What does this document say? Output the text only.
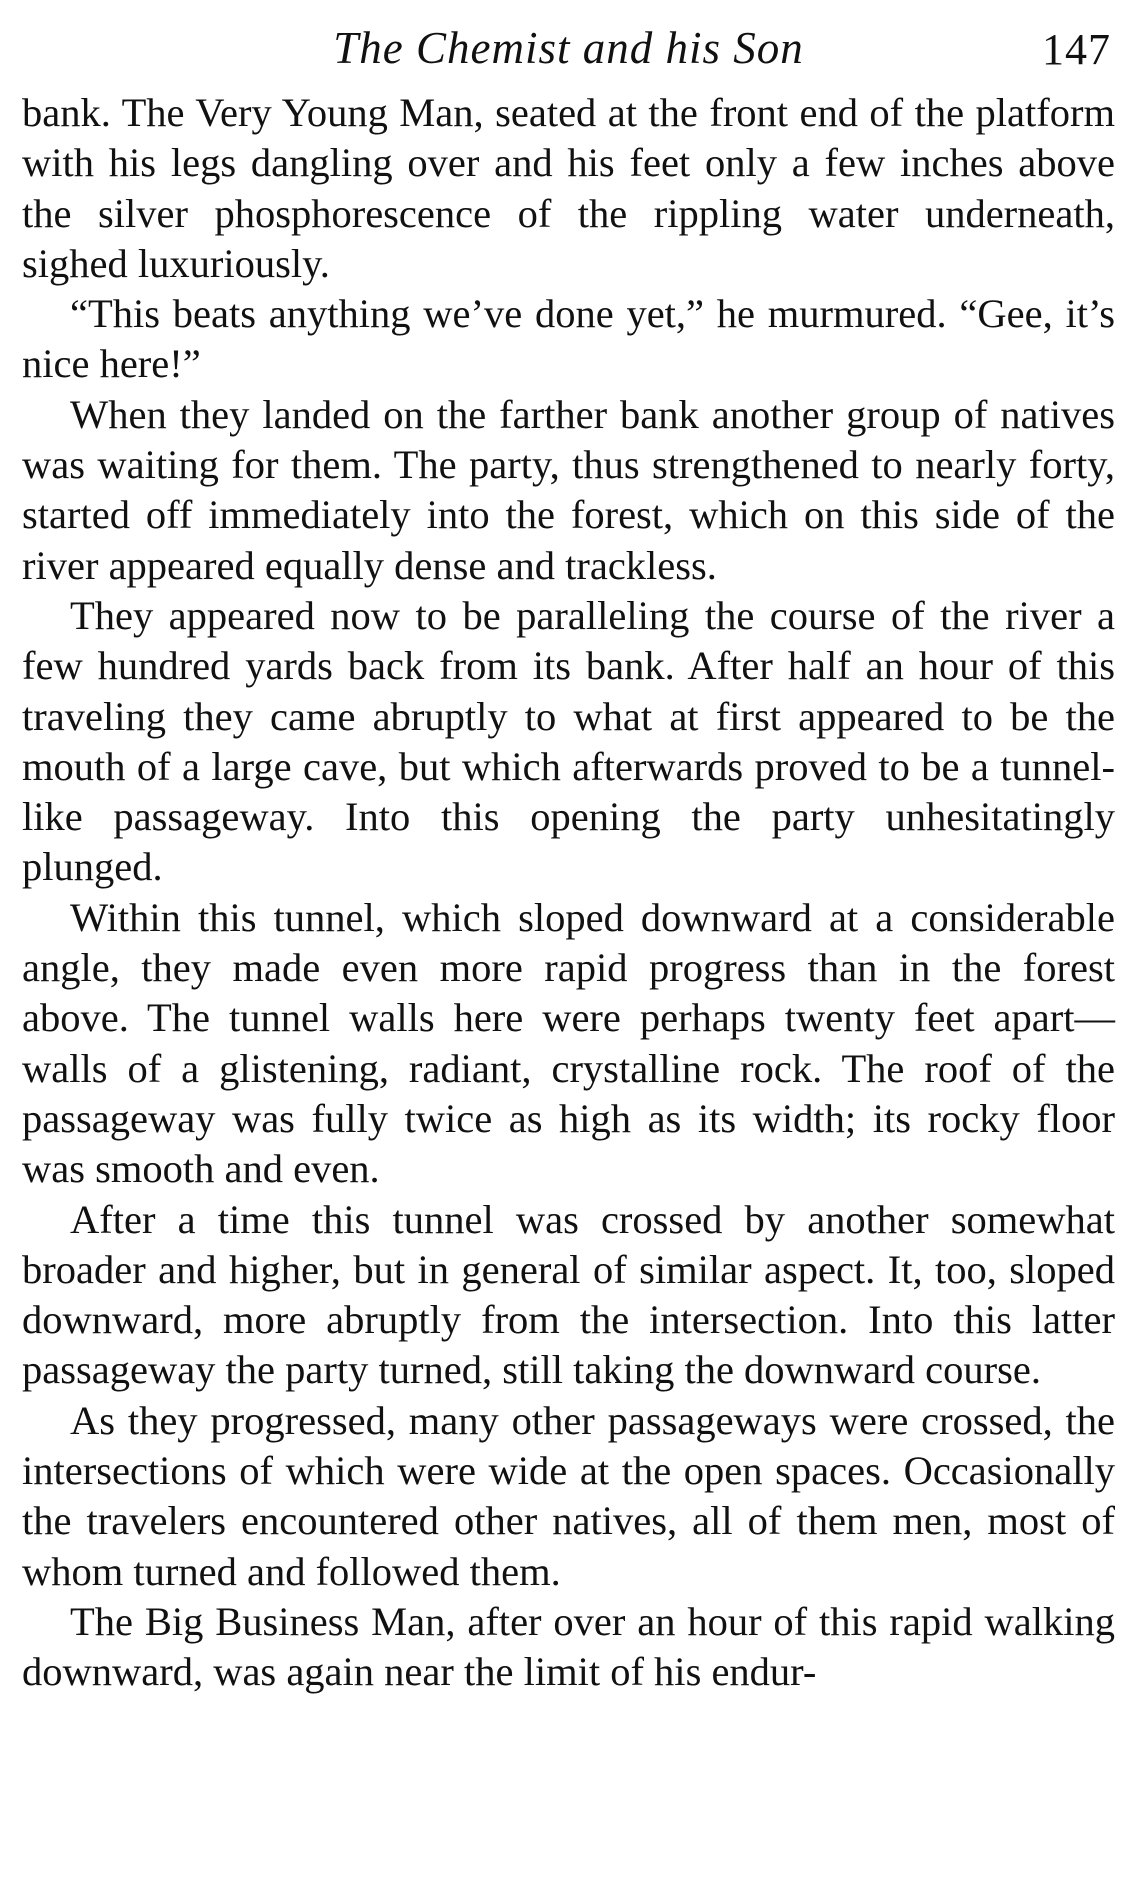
The Chemist and his Son	147

bank. The Very Young Man, seated at the front end of the platform with his legs dangling over and his feet only a few inches above the silver phosphorescence of the rippling water underneath, sighed luxuriously.

“This beats anything we’ve done yet,” he murmured. “Gee, it’s nice here!”

When they landed on the farther bank another group of natives was waiting for them. The party, thus strengthened to nearly forty, started off immediately into the forest, which on this side of the river appeared equally dense and trackless.

They appeared now to be paralleling the course of the river a few hundred yards back from its bank. After half an hour of this traveling they came abruptly to what at first appeared to be the mouth of a large cave, but which afterwards proved to be a tunnel-like passageway. Into this opening the party unhesitatingly plunged.

Within this tunnel, which sloped downward at a considerable angle, they made even more rapid progress than in the forest above. The tunnel walls here were perhaps twenty feet apart—walls of a glistening, radiant, crystalline rock. The roof of the passageway was fully twice as high as its width; its rocky floor was smooth and even.

After a time this tunnel was crossed by another somewhat broader and higher, but in general of similar aspect. It, too, sloped downward, more abruptly from the intersection. Into this latter passageway the party turned, still taking the downward course.

As they progressed, many other passageways were crossed, the intersections of which were wide at the open spaces. Occasionally the travelers encountered other natives, all of them men, most of whom turned and followed them.

The Big Business Man, after over an hour of this rapid walking downward, was again near the limit of his endur-
